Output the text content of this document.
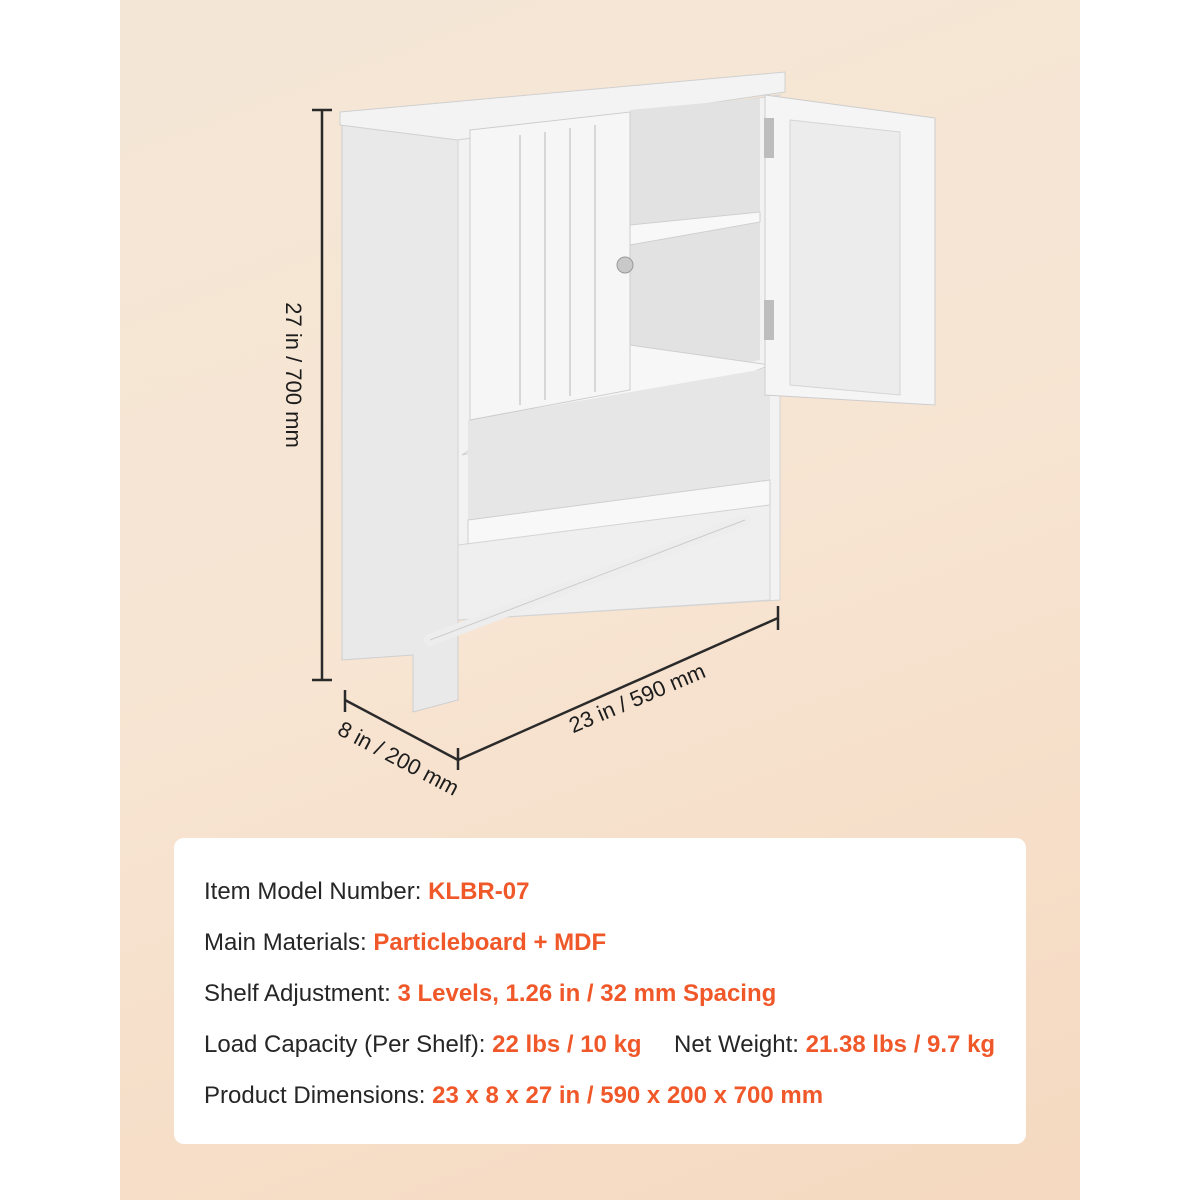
27 in / 700 mm
23 in / 590 mm
8 in / 200 mm
Item Model Number: KLBR-07
Main Materials: Particleboard + MDF
Shelf Adjustment: 3 Levels, 1.26 in / 32 mm Spacing
Load Capacity (Per Shelf): 22 lbs / 10 kg Net Weight: 21.38 lbs / 9.7 kg
Product Dimensions: 23 x 8 x 27 in / 590 x 200 x 700 mm
